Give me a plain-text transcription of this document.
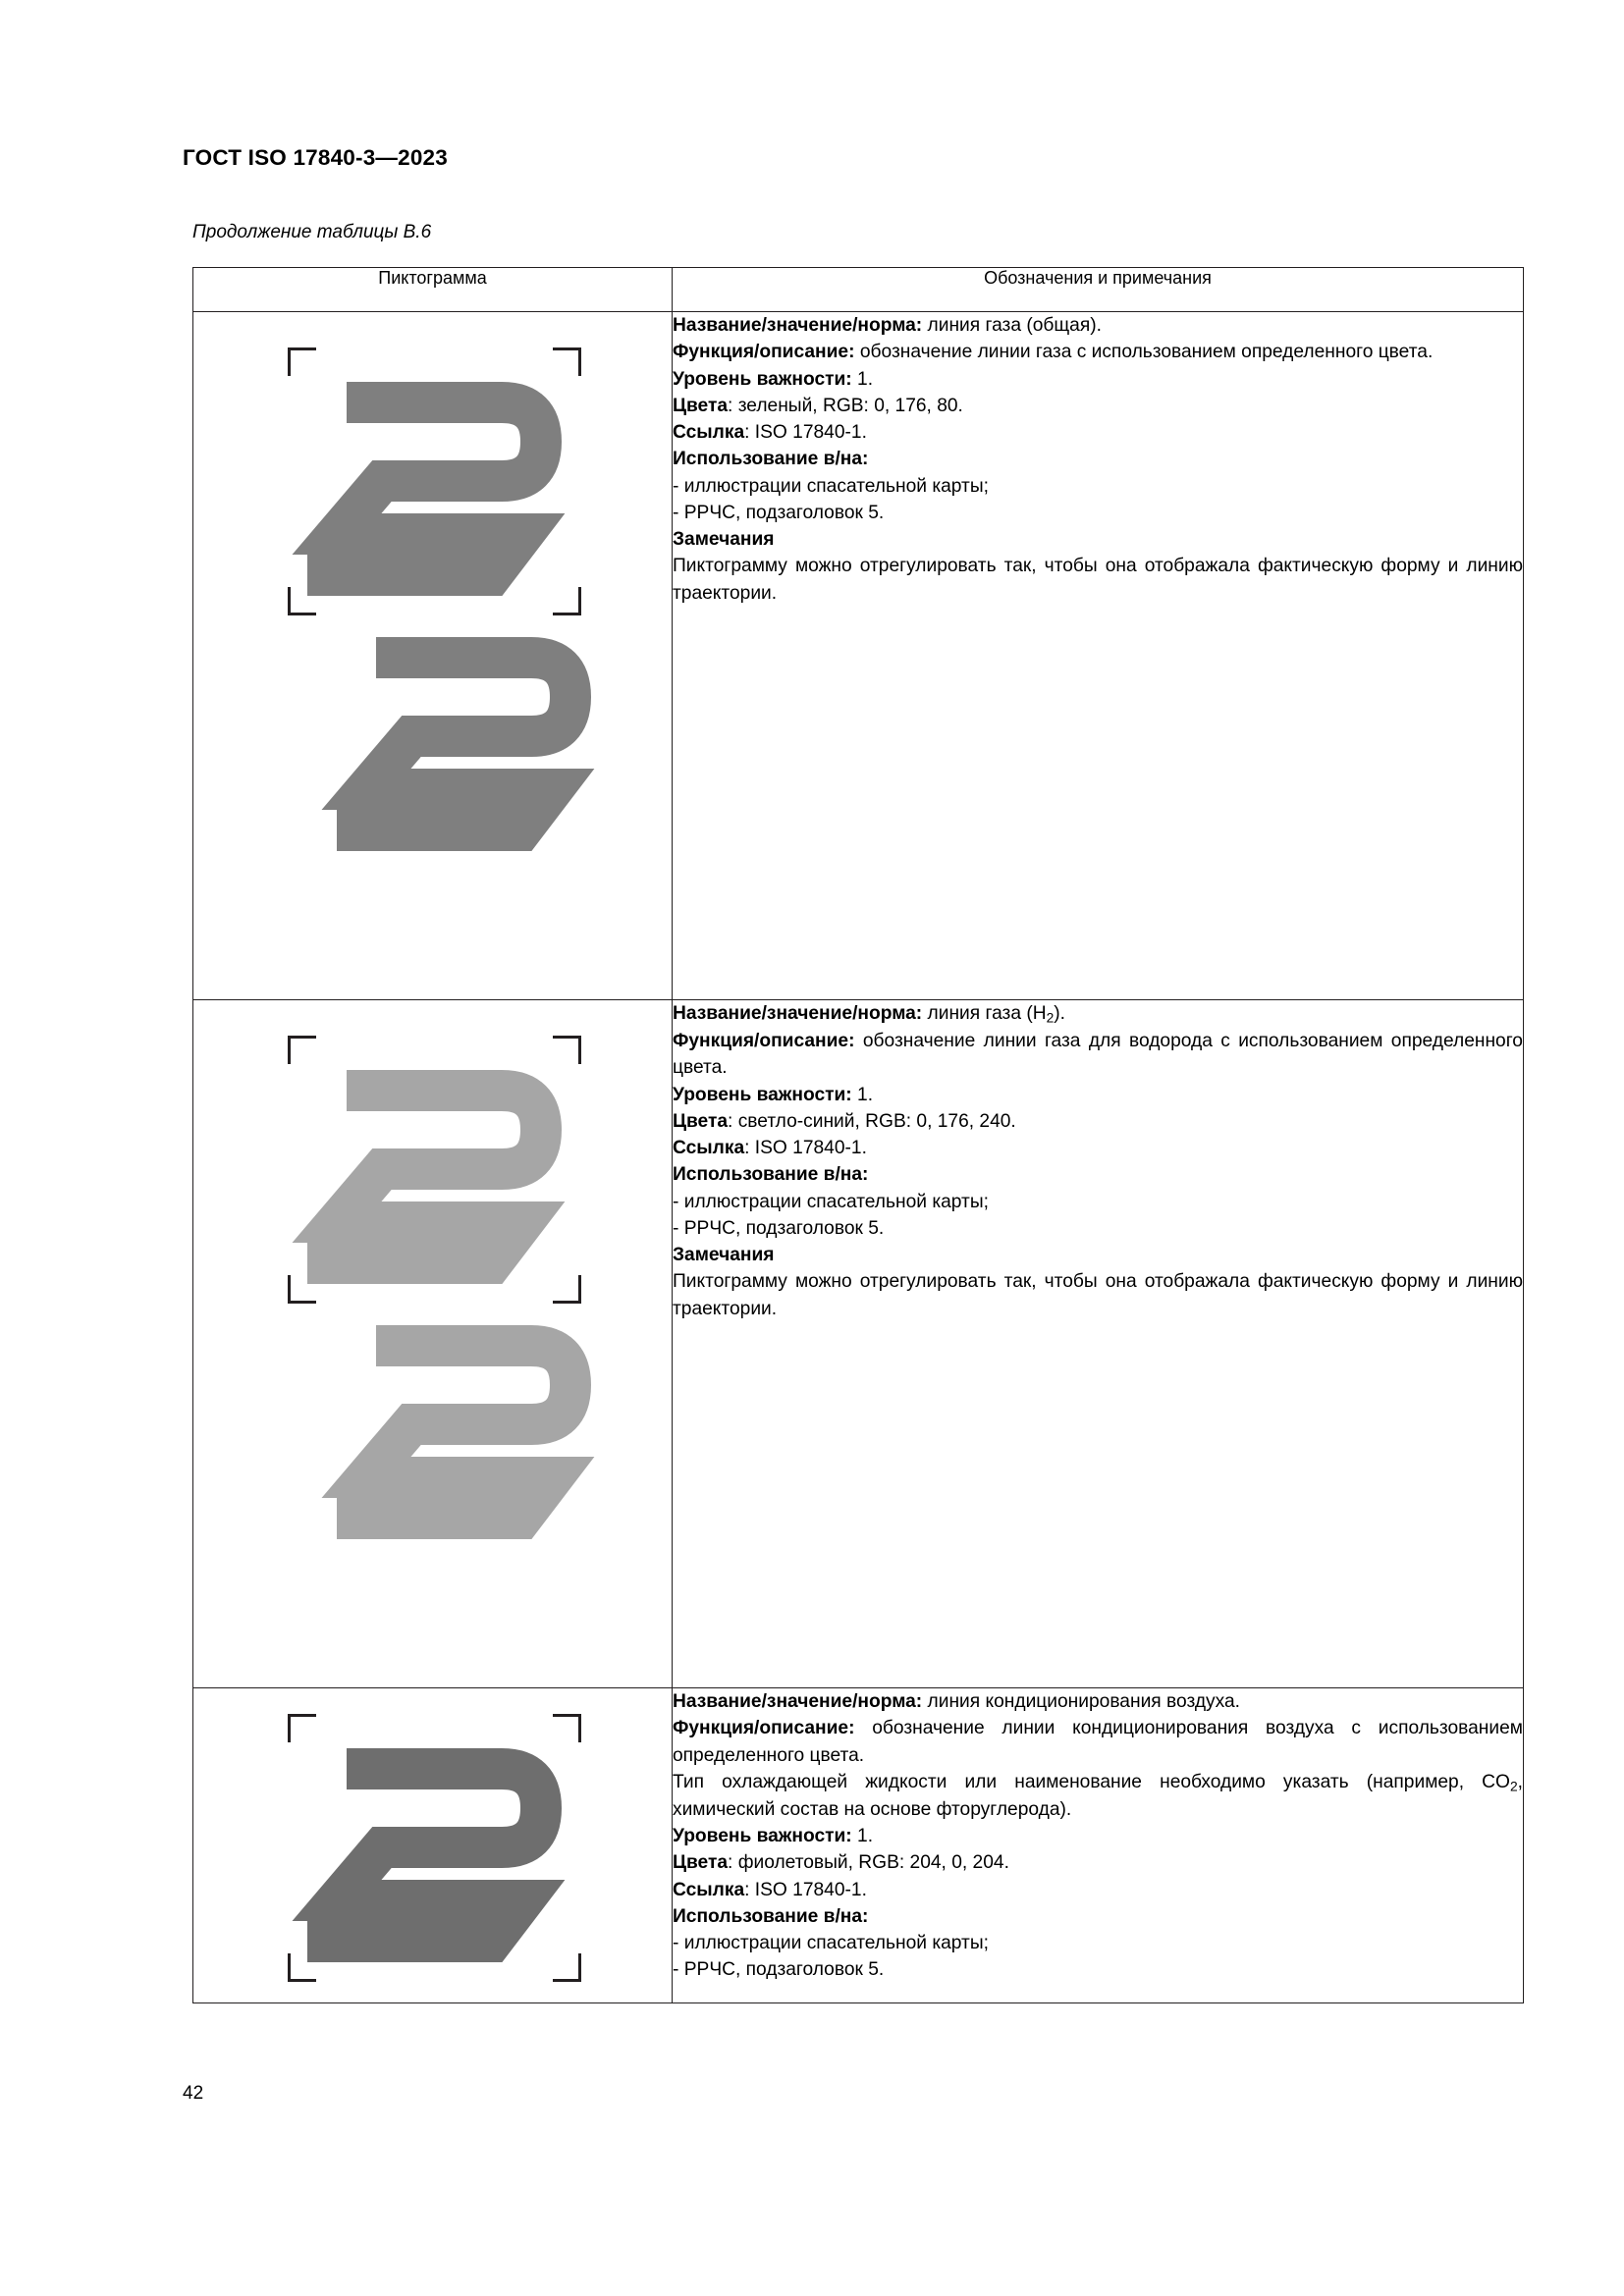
ГОСТ ISO 17840-3—2023
Продолжение таблицы В.6
Пиктограмма	Обозначения и примечания

Название/значение/норма: линия газа (общая).

Функция/описание: обозначение линии газа с использованием определенного цвета.

Уровень важности: 1.

Цвета: зеленый, RGB: 0, 176, 80.

Ссылка: ISO 17840-1.

Использование в/на:

- иллюстрации спасательной карты;

- РРЧС, подзаголовок 5.

Замечания

Пиктограмму можно отрегулировать так, чтобы она отображала фактическую форму и линию траектории.

Название/значение/норма: линия газа $(H_2)$.

Функция/описание: обозначение линии газа для водорода с использованием определенного цвета.

Уровень важности: 1.

Цвета: светло-синий, RGB: 0, 176, 240.

Ссылка: ISO 17840-1.

Использование в/на:

- иллюстрации спасательной карты;

- РРЧС, подзаголовок 5.

Замечания

Пиктограмму можно отрегулировать так, чтобы она отображала фактическую форму и линию траектории.

Название/значение/норма: линия кондиционирования воздуха.

Функция/описание: обозначение линии кондиционирования воздуха с использованием определенного цвета.

Тип охлаждающей жидкости или наименование необходимо указать (например, $CO_2$, химический состав на основе фторуглерода).

Уровень важности: 1.

Цвета: фиолетовый, RGB: 204, 0, 204.

Ссылка: ISO 17840-1.

Использование в/на:

- иллюстрации спасательной карты;

- РРЧС, подзаголовок 5.

42
